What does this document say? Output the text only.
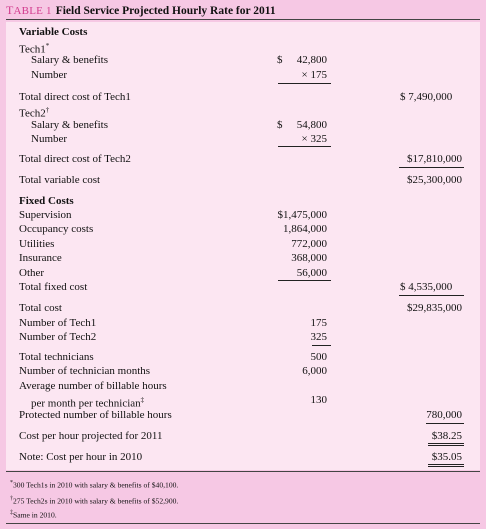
TABLE 1 Field Service Projected Hourly Rate for 2011
Variable Costs
Tech1*
Salary & benefits	$ 42,800
Number	× 175
Total direct cost of Tech1	$ 7,490,000
Tech2†
Salary & benefits	$ 54,800
Number	× 325
Total direct cost of Tech2	$17,810,000
Total variable cost	$25,300,000
Fixed Costs
Supervision	$1,475,000
Occupancy costs	1,864,000
Utilities	772,000
Insurance	368,000
Other	56,000
Total fixed cost	$ 4,535,000
Total cost	$29,835,000
Number of Tech1	175
Number of Tech2	325
Total technicians	500
Number of technician months	6,000
Average number of billable hours
per month per technician‡	130
Protected number of billable hours	780,000
Cost per hour projected for 2011	$38.25
Note: Cost per hour in 2010	$35.05
*300 Tech1s in 2010 with salary & benefits of $40,100.
†275 Tech2s in 2010 with salary & benefits of $52,900.
‡Same in 2010.
